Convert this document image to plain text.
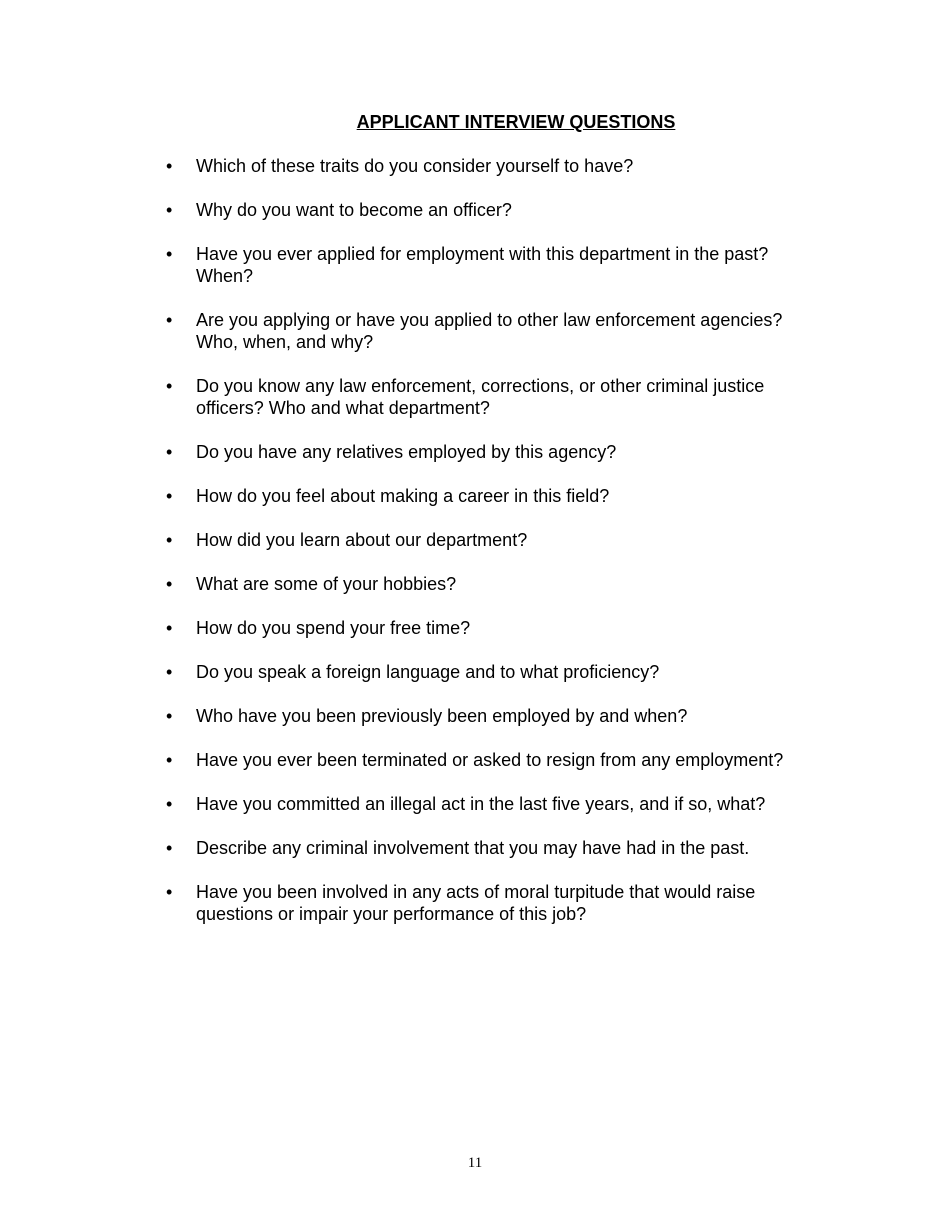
APPLICANT INTERVIEW QUESTIONS
•	Which of these traits do you consider yourself to have?
•	Why do you want to become an officer?
•	Have you ever applied for employment with this department in the past? When?
•	Are you applying or have you applied to other law enforcement agencies? Who, when, and why?
•	Do you know any law enforcement, corrections, or other criminal justice officers? Who and what department?
•	Do you have any relatives employed by this agency?
•	How do you feel about making a career in this field?
•	How did you learn about our department?
•	What are some of your hobbies?
•	How do you spend your free time?
•	Do you speak a foreign language and to what proficiency?
•	Who have you been previously been employed by and when?
•	Have you ever been terminated or asked to resign from any employment?
•	Have you committed an illegal act in the last five years, and if so, what?
•	Describe any criminal involvement that you may have had in the past.
•	Have you been involved in any acts of moral turpitude that would raise questions or impair your performance of this job?
11
